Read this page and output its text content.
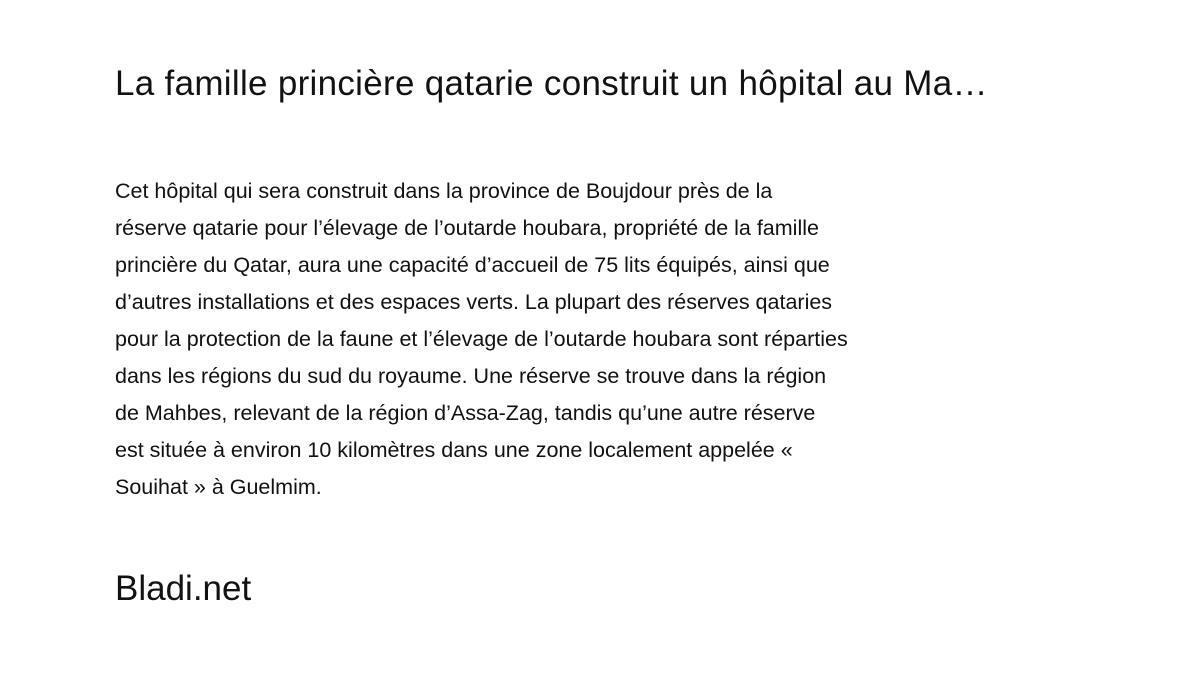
La famille princière qatarie construit un hôpital au Ma…

Cet hôpital qui sera construit dans la province de Boujdour près de la
réserve qatarie pour l’élevage de l’outarde houbara, propriété de la famille
princière du Qatar, aura une capacité d’accueil de 75 lits équipés, ainsi que
d’autres installations et des espaces verts. La plupart des réserves qataries
pour la protection de la faune et l’élevage de l’outarde houbara sont réparties
dans les régions du sud du royaume. Une réserve se trouve dans la région
de Mahbes, relevant de la région d’Assa-Zag, tandis qu’une autre réserve
est située à environ 10 kilomètres dans une zone localement appelée «
Souihat » à Guelmim.

Bladi.net
